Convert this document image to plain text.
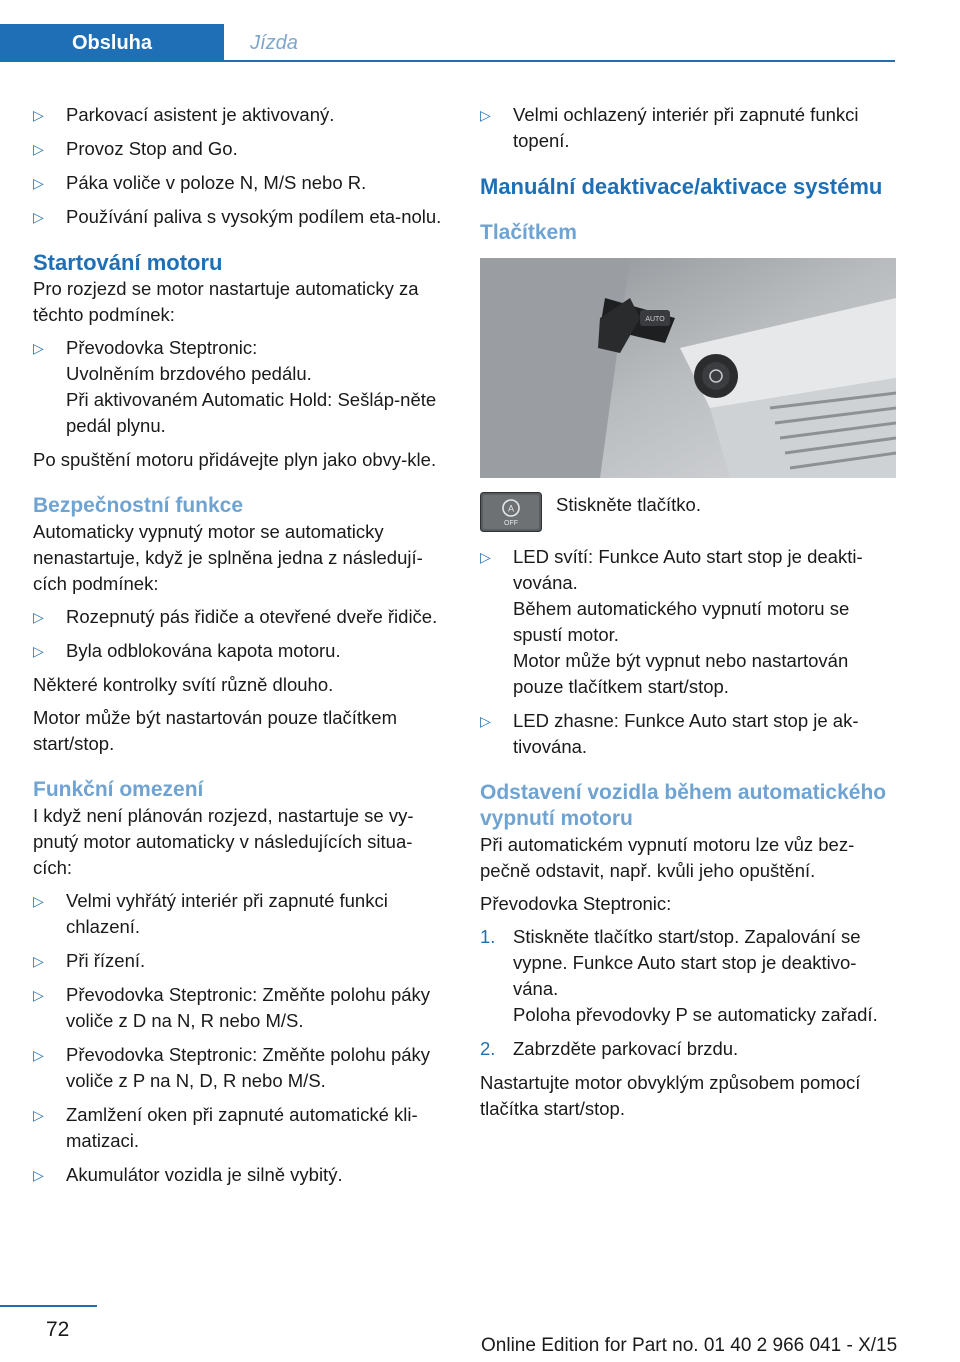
Obsluha	Jízda
▷ Parkovací asistent je aktivovaný.
▷ Provoz Stop and Go.
▷ Páka voliče v poloze N, M/S nebo R.
▷ Používání paliva s vysokým podílem eta-nolu.
Startování motoru

Pro rozjezd se motor nastartuje automaticky za těchto podmínek:

▷ Převodovka Steptronic:

Uvolněním brzdového pedálu.

Při aktivovaném Automatic Hold: Sešláp-něte pedál plynu.

Po spuštění motoru přidávejte plyn jako obvy-kle.

Bezpečnostní funkce

Automaticky vypnutý motor se automaticky nenastartuje, když je splněna jedna z následují-cích podmínek:

▷ Rozepnutý pás řidiče a otevřené dveře řidiče.
▷ Byla odblokována kapota motoru.

Některé kontrolky svítí různě dlouho.

Motor může být nastartován pouze tlačítkem start/stop.

Funkční omezení

I když není plánován rozjezd, nastartuje se vy-pnutý motor automaticky v následujících situa-cích:

▷ Velmi vyhřátý interiér při zapnuté funkci chlazení.
▷ Při řízení.
▷ Převodovka Steptronic: Změňte polohu páky voliče z D na N, R nebo M/S.
▷ Převodovka Steptronic: Změňte polohu páky voliče z P na N, D, R nebo M/S.
▷ Zamlžení oken při zapnuté automatické kli-matizaci.
▷ Akumulátor vozidla je silně vybitý.
▷ Velmi ochlazený interiér při zapnuté funkci topení.
Manuální deaktivace/aktivace systému
Tlačítkem
AUTO
A
OFF

Stiskněte tlačítko.

▷ LED svítí: Funkce Auto start stop je deakti-vována.

Během automatického vypnutí motoru se spustí motor.

Motor může být vypnut nebo nastartován pouze tlačítkem start/stop.

▷ LED zhasne: Funkce Auto start stop je ak-tivována.
Odstavení vozidla během automatického vypnutí motoru

Při automatickém vypnutí motoru lze vůz bez-pečně odstavit, např. kvůli jeho opuštění.

Převodovka Steptronic:

1. Stiskněte tlačítko start/stop. Zapalování se vypne. Funkce Auto start stop je deaktivo-vána.

Poloha převodovky P se automaticky zařadí.

2. Zabrzděte parkovací brzdu.

Nastartujte motor obvyklým způsobem pomocí tlačítka start/stop.

72
Online Edition for Part no. 01 40 2 966 041 - X/15
